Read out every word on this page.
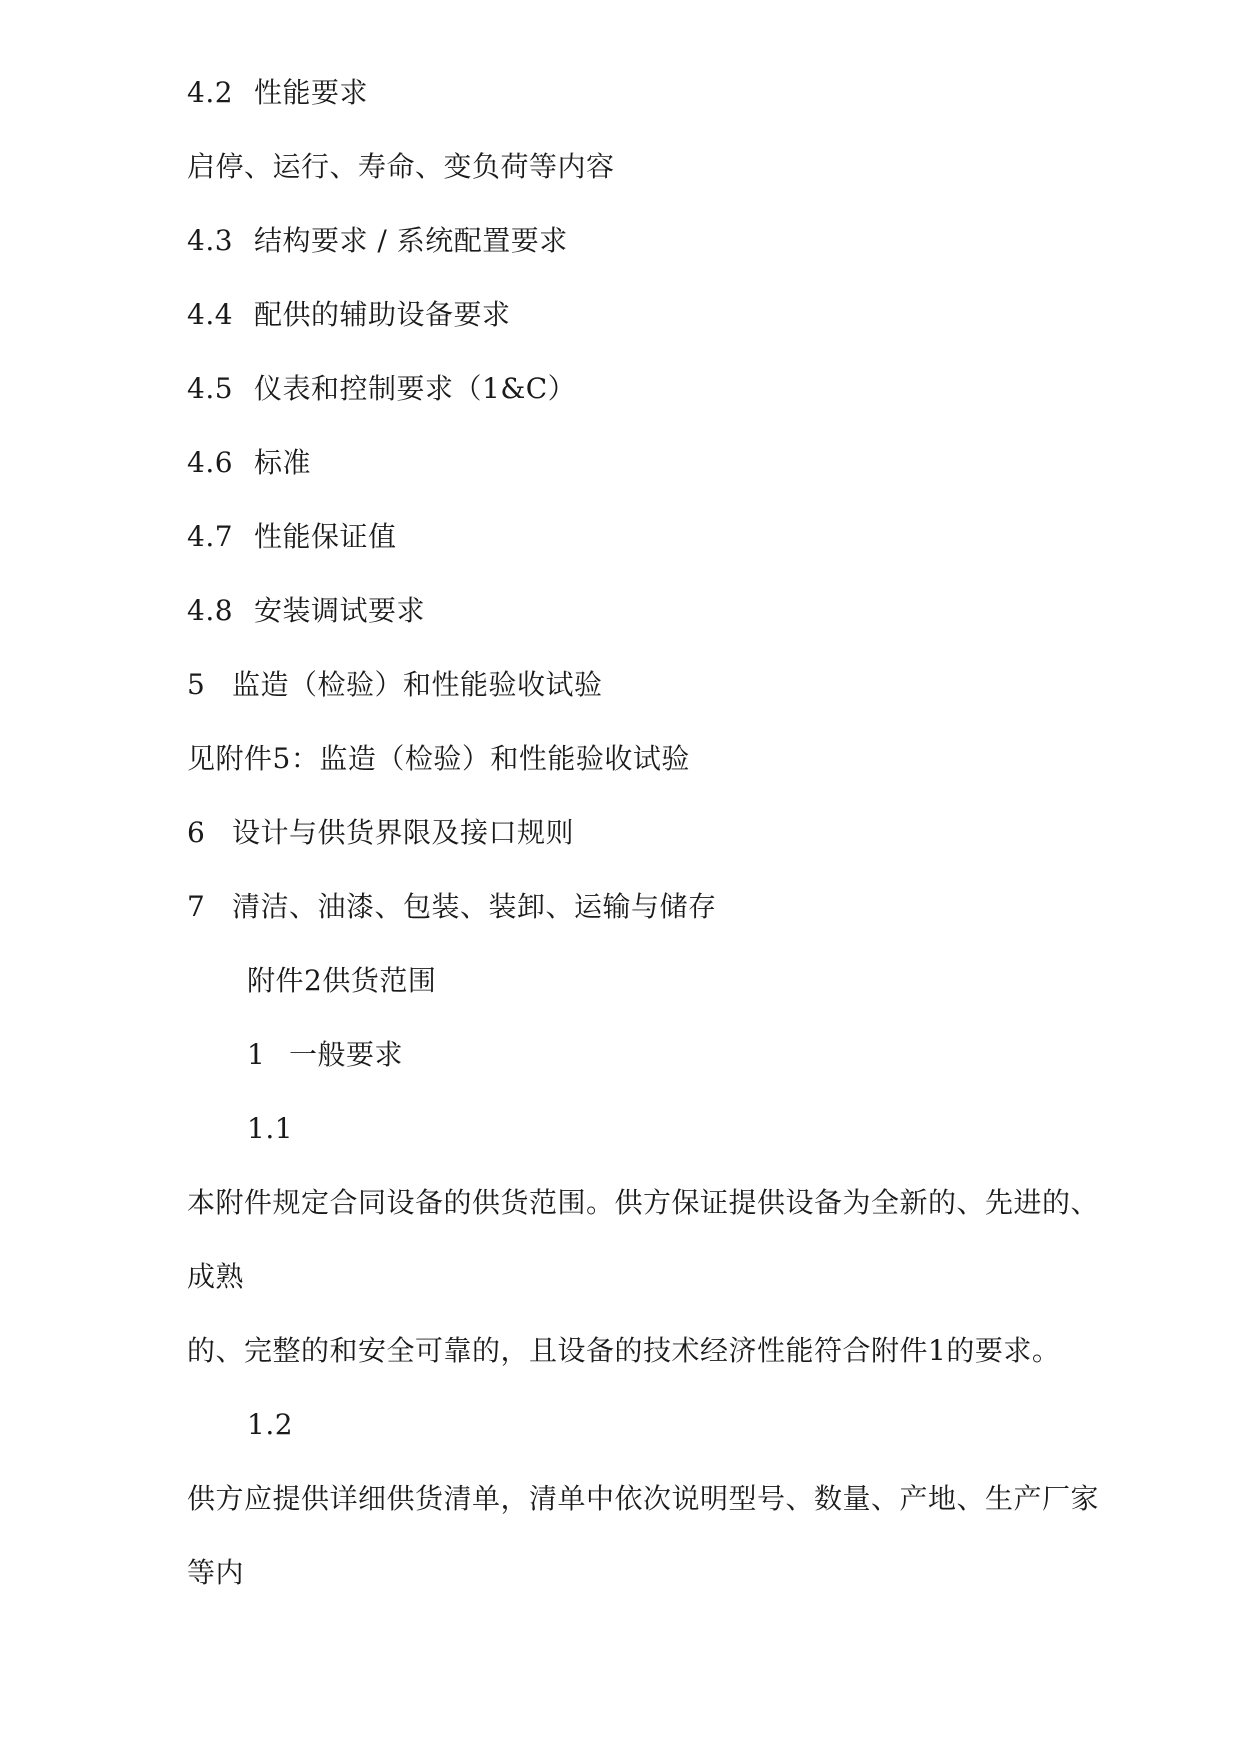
4.2 性能要求
启停、运行、寿命、变负荷等内容
4.3 结构要求 / 系统配置要求
4.4 配供的辅助设备要求
4.5 仪表和控制要求（1&C）
4.6 标准
4.7 性能保证值
4.8 安装调试要求
5 监造（检验）和性能验收试验
见附件5：监造（检验）和性能验收试验
6 设计与供货界限及接口规则
7 清洁、油漆、包装、装卸、运输与储存
附件2供货范围
1 一般要求
1.1
本附件规定合同设备的供货范围。供方保证提供设备为全新的、先进的、
成熟
的、完整的和安全可靠的，且设备的技术经济性能符合附件1的要求。
1.2
供方应提供详细供货清单，清单中依次说明型号、数量、产地、生产厂家
等内
